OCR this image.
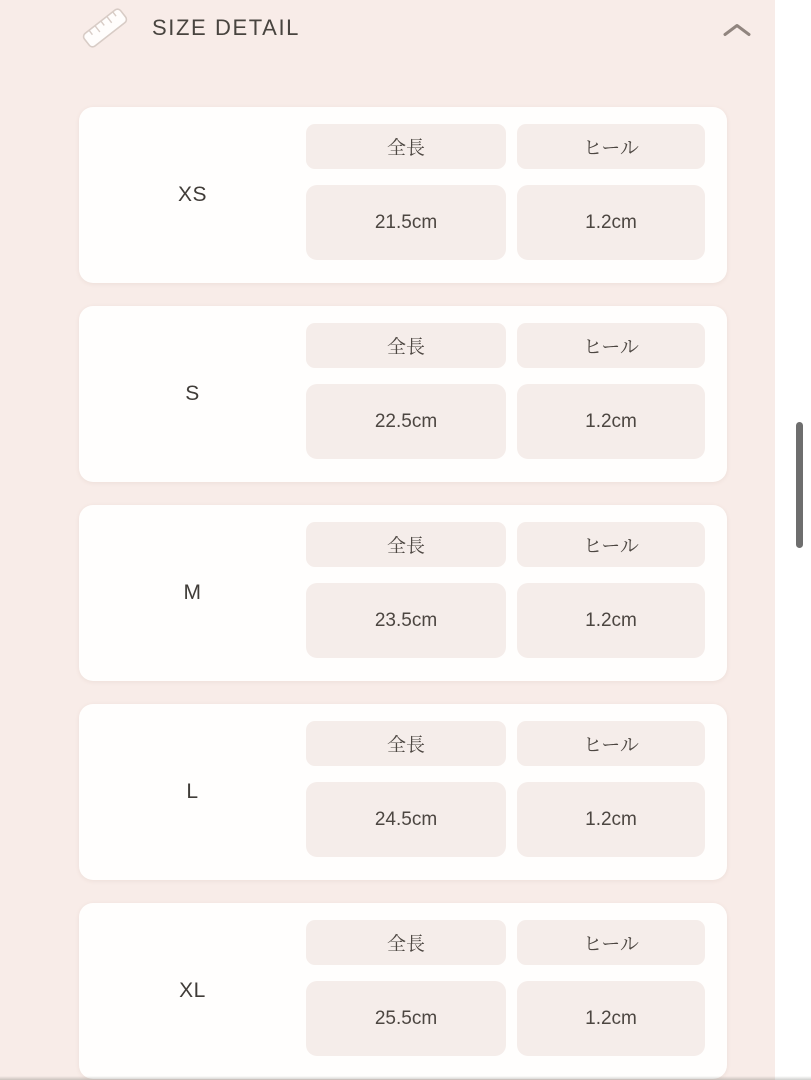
SIZE DETAIL
XS
全長
21.5cm
ヒール
1.2cm
S
全長
22.5cm
ヒール
1.2cm
M
全長
23.5cm
ヒール
1.2cm
L
全長
24.5cm
ヒール
1.2cm
XL
全長
25.5cm
ヒール
1.2cm
